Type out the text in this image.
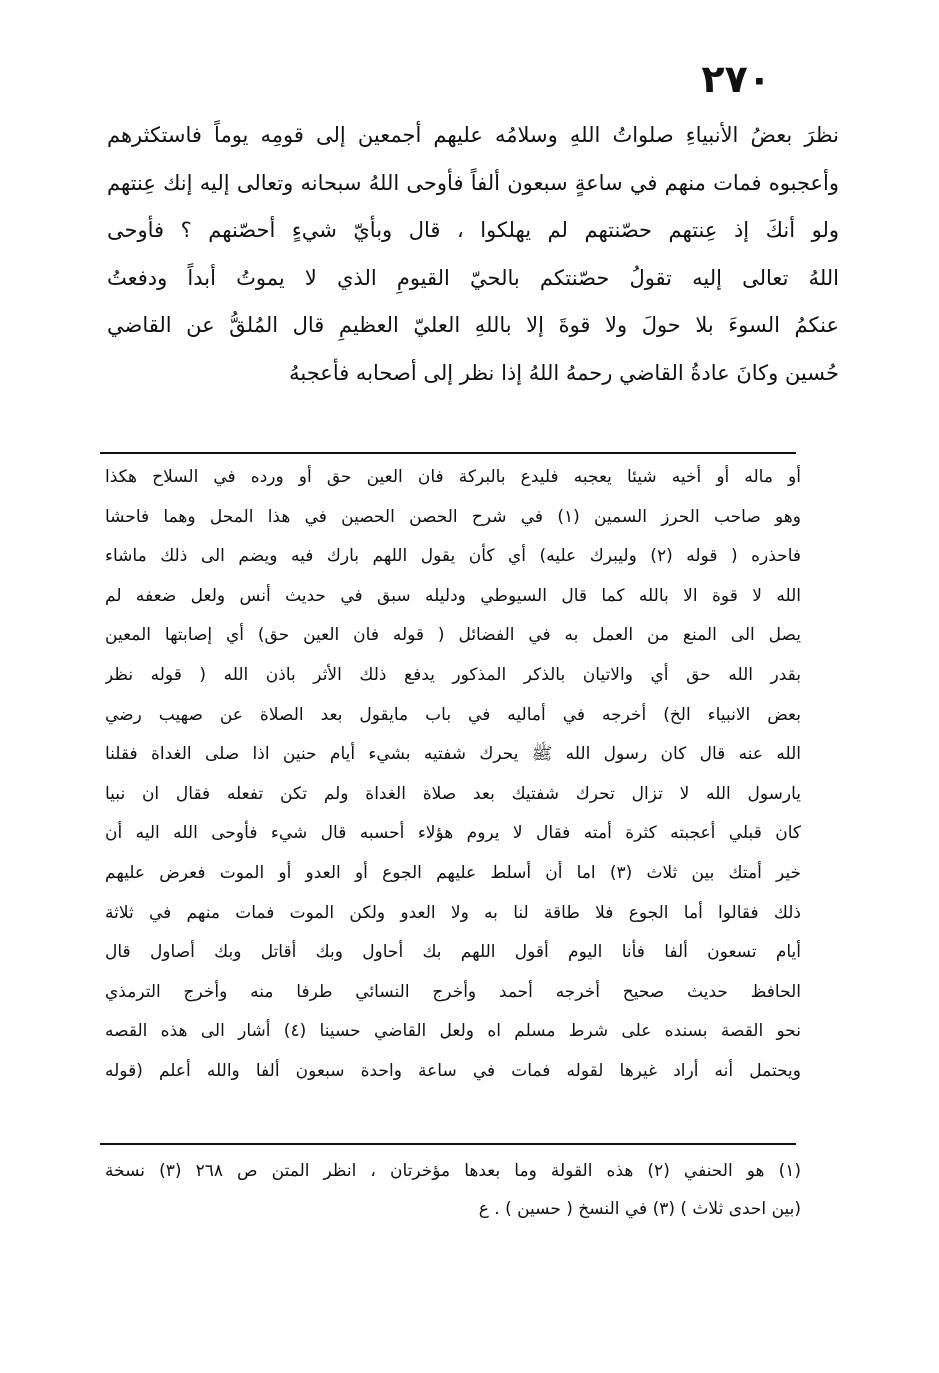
٢٧٠
نظرَ بعضُ الأنبياءِ صلواتُ اللهِ وسلامُه عليهم أجمعين إلى قومِه يوماً فاستكثرهم
وأعجبوه فمات منهم في ساعةٍ سبعون ألفاً فأوحى اللهُ سبحانه وتعالى إليه إنك عِنتهم
ولو أنكَ إذ عِنتهم حصّنتهم لم يهلكوا ، قال وبأيّ شيءٍ أحصّنهم ؟ فأوحى
اللهُ تعالى إليه تقولُ حصّنتكم بالحيّ القيومِ الذي لا يموتُ أبداً ودفعتُ
عنكمُ السوءَ بلا حولَ ولا قوةَ إلا باللهِ العليّ العظيمِ قال المُلقُّ عن القاضي
حُسين وكانَ عادةُ القاضي رحمهُ اللهُ إذا نظر إلى أصحابه فأعجبهُ
أو ماله أو أخيه شيئا يعجبه فليدع بالبركة فان العين حق أو ورده في السلاح هكذا
وهو صاحب الحرز السمين (١) في شرح الحصن الحصين في هذا المحل وهما فاحشا
فاحذره ( قوله (٢) وليبرك عليه) أي كأن يقول اللهم بارك فيه ويضم الى ذلك ماشاء
الله لا قوة الا بالله كما قال السيوطي ودليله سبق في حديث أنس ولعل ضعفه لم
يصل الى المنع من العمل به في الفضائل ( قوله فان العين حق) أي إصابتها المعين
بقدر الله حق أي والاتيان بالذكر المذكور يدفع ذلك الأثر باذن الله ( قوله نظر
بعض الانبياء الخ) أخرجه في أماليه في باب مايقول بعد الصلاة عن صهيب رضي
الله عنه قال كان رسول الله ﷺ يحرك شفتيه بشيء أيام حنين اذا صلى الغداة فقلنا
يارسول الله لا تزال تحرك شفتيك بعد صلاة الغداة ولم تكن تفعله فقال ان نبيا
كان قبلي أعجبته كثرة أمته فقال لا يروم هؤلاء أحسبه قال شيء فأوحى الله اليه أن
خير أمتك بين ثلاث (٣) اما أن أسلط عليهم الجوع أو العدو أو الموت فعرض عليهم
ذلك فقالوا أما الجوع فلا طاقة لنا به ولا العدو ولكن الموت فمات منهم في ثلاثة
أيام تسعون ألفا فأنا اليوم أقول اللهم بك أحاول وبك أقاتل وبك أصاول قال
الحافظ حديث صحيح أخرجه أحمد وأخرج النسائي طرفا منه وأخرج الترمذي
نحو القصة بسنده على شرط مسلم اه ولعل القاضي حسينا (٤) أشار الى هذه القصه
ويحتمل أنه أراد غيرها لقوله فمات في ساعة واحدة سبعون ألفا والله أعلم (قوله
(١) هو الحنفي (٢) هذه القولة وما بعدها مؤخرتان ، انظر المتن ص ٢٦٨ (٣) نسخة
(بين احدى ثلاث ) (٣) في النسخ ( حسين ) . ع
